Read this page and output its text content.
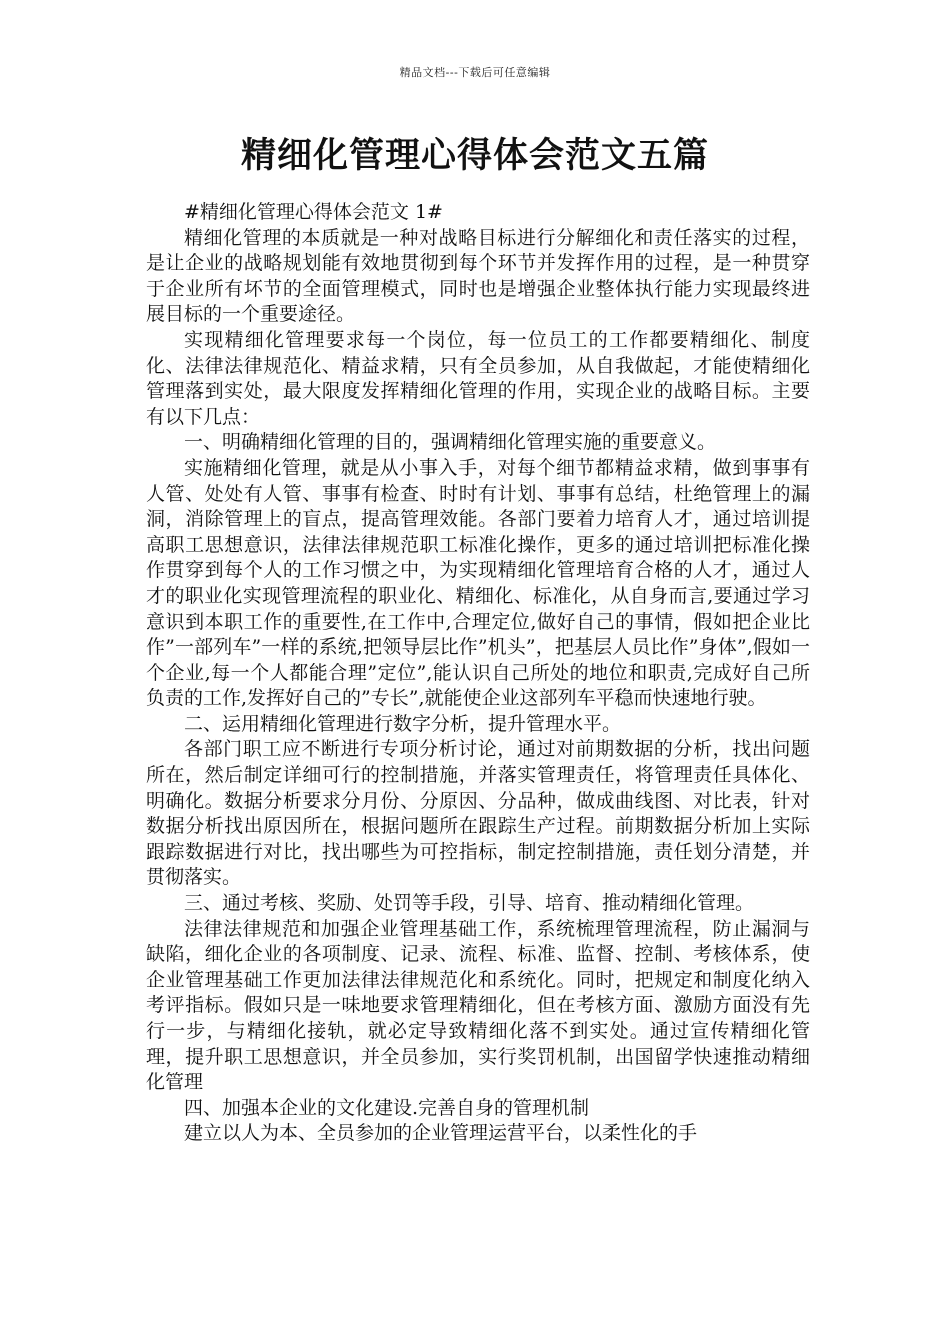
精品文档---下载后可任意编辑
精细化管理心得体会范文五篇

#精细化管理心得体会范文 1#

精细化管理的本质就是一种对战略目标进行分解细化和责任落实的过程，是让企业的战略规划能有效地贯彻到每个环节并发挥作用的过程，是一种贯穿于企业所有坏节的全面管理模式，同时也是增强企业整体执行能力实现最终进展目标的一个重要途径。

实现精细化管理要求每一个岗位，每一位员工的工作都要精细化、制度化、法律法律规范化、精益求精，只有全员参加，从自我做起，才能使精细化管理落到实处，最大限度发挥精细化管理的作用，实现企业的战略目标。主要有以下几点：

一、明确精细化管理的目的，强调精细化管理实施的重要意义。

实施精细化管理，就是从小事入手，对每个细节都精益求精，做到事事有人管、处处有人管、事事有检查、时时有计划、事事有总结，杜绝管理上的漏洞，消除管理上的盲点，提高管理效能。各部门要着力培育人才，通过培训提高职工思想意识，法律法律规范职工标准化操作，更多的通过培训把标准化操作贯穿到每个人的工作习惯之中，为实现精细化管理培育合格的人才，通过人才的职业化实现管理流程的职业化、精细化、标准化，从自身而言,要通过学习意识到本职工作的重要性,在工作中,合理定位,做好自己的事情，假如把企业比作”一部列车”一样的系统,把领导层比作”机头”，把基层人员比作”身体”,假如一个企业,每一个人都能合理”定位”,能认识自己所处的地位和职责,完成好自己所负责的工作,发挥好自己的”专长”,就能使企业这部列车平稳而快速地行驶。

二、运用精细化管理进行数字分析，提升管理水平。

各部门职工应不断进行专项分析讨论，通过对前期数据的分析，找出问题所在，然后制定详细可行的控制措施，并落实管理责任，将管理责任具体化、明确化。数据分析要求分月份、分原因、分品种，做成曲线图、对比表，针对数据分析找出原因所在，根据问题所在跟踪生产过程。前期数据分析加上实际跟踪数据进行对比，找出哪些为可控指标，制定控制措施，责任划分清楚，并贯彻落实。

三、通过考核、奖励、处罚等手段，引导、培育、推动精细化管理。

法律法律规范和加强企业管理基础工作，系统梳理管理流程，防止漏洞与缺陷，细化企业的各项制度、记录、流程、标准、监督、控制、考核体系，使企业管理基础工作更加法律法律规范化和系统化。同时，把规定和制度化纳入考评指标。假如只是一味地要求管理精细化，但在考核方面、激励方面没有先行一步，与精细化接轨，就必定导致精细化落不到实处。通过宣传精细化管理，提升职工思想意识，并全员参加，实行奖罚机制，出国留学快速推动精细化管理

四、加强本企业的文化建设.完善自身的管理机制

建立以人为本、全员参加的企业管理运营平台，以柔性化的手
